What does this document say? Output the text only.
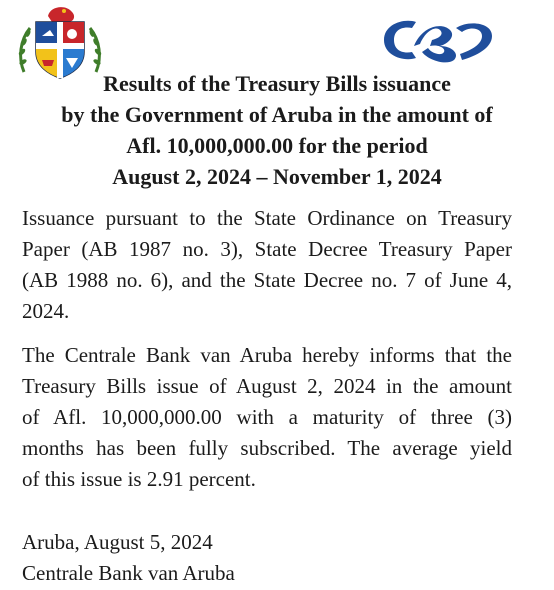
Results of the Treasury Bills issuance
by the Government of Aruba in the amount of
Afl. 10,000,000.00 for the period
August 2, 2024 – November 1, 2024
Issuance pursuant to the State Ordinance on Treasury
Paper (AB 1987 no. 3), State Decree Treasury Paper
(AB 1988 no. 6), and the State Decree no. 7 of June 4,
2024.
The Centrale Bank van Aruba hereby informs that the
Treasury Bills issue of August 2, 2024 in the amount
of Afl. 10,000,000.00 with a maturity of three (3)
months has been fully subscribed. The average yield
of this issue is 2.91 percent.
Aruba, August 5, 2024
Centrale Bank van Aruba
